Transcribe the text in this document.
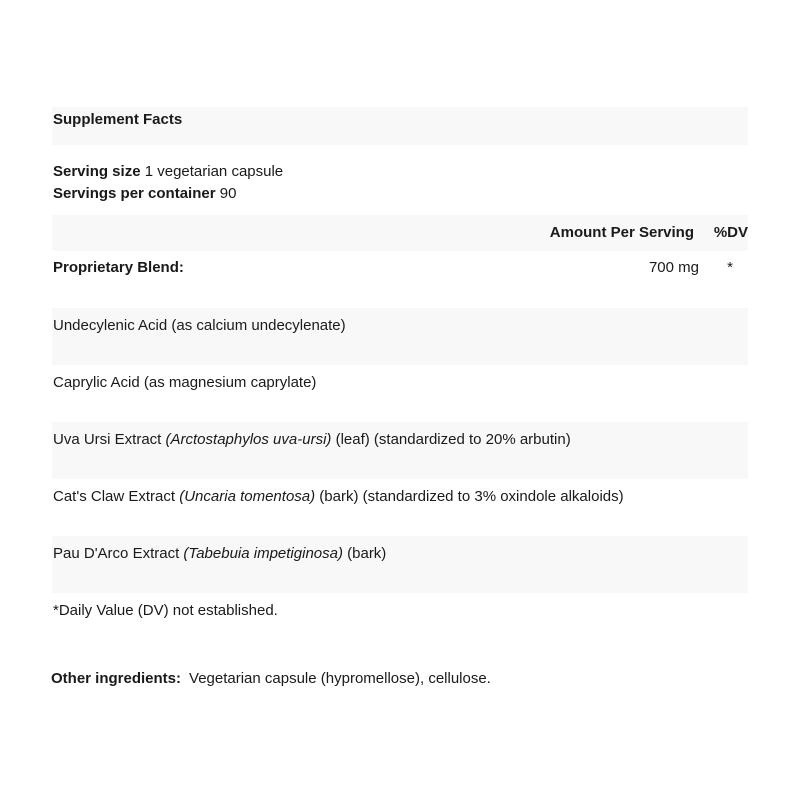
Supplement Facts
Serving size 1 vegetarian capsule
Servings per container 90
Amount Per Serving %DV
Proprietary Blend:	700 mg *
Undecylenic Acid (as calcium undecylenate)
Caprylic Acid (as magnesium caprylate)
Uva Ursi Extract (Arctostaphylos uva-ursi) (leaf) (standardized to 20% arbutin)
Cat's Claw Extract (Uncaria tomentosa) (bark) (standardized to 3% oxindole alkaloids)
Pau D'Arco Extract (Tabebuia impetiginosa) (bark)
*Daily Value (DV) not established.
Other ingredients: Vegetarian capsule (hypromellose), cellulose.
